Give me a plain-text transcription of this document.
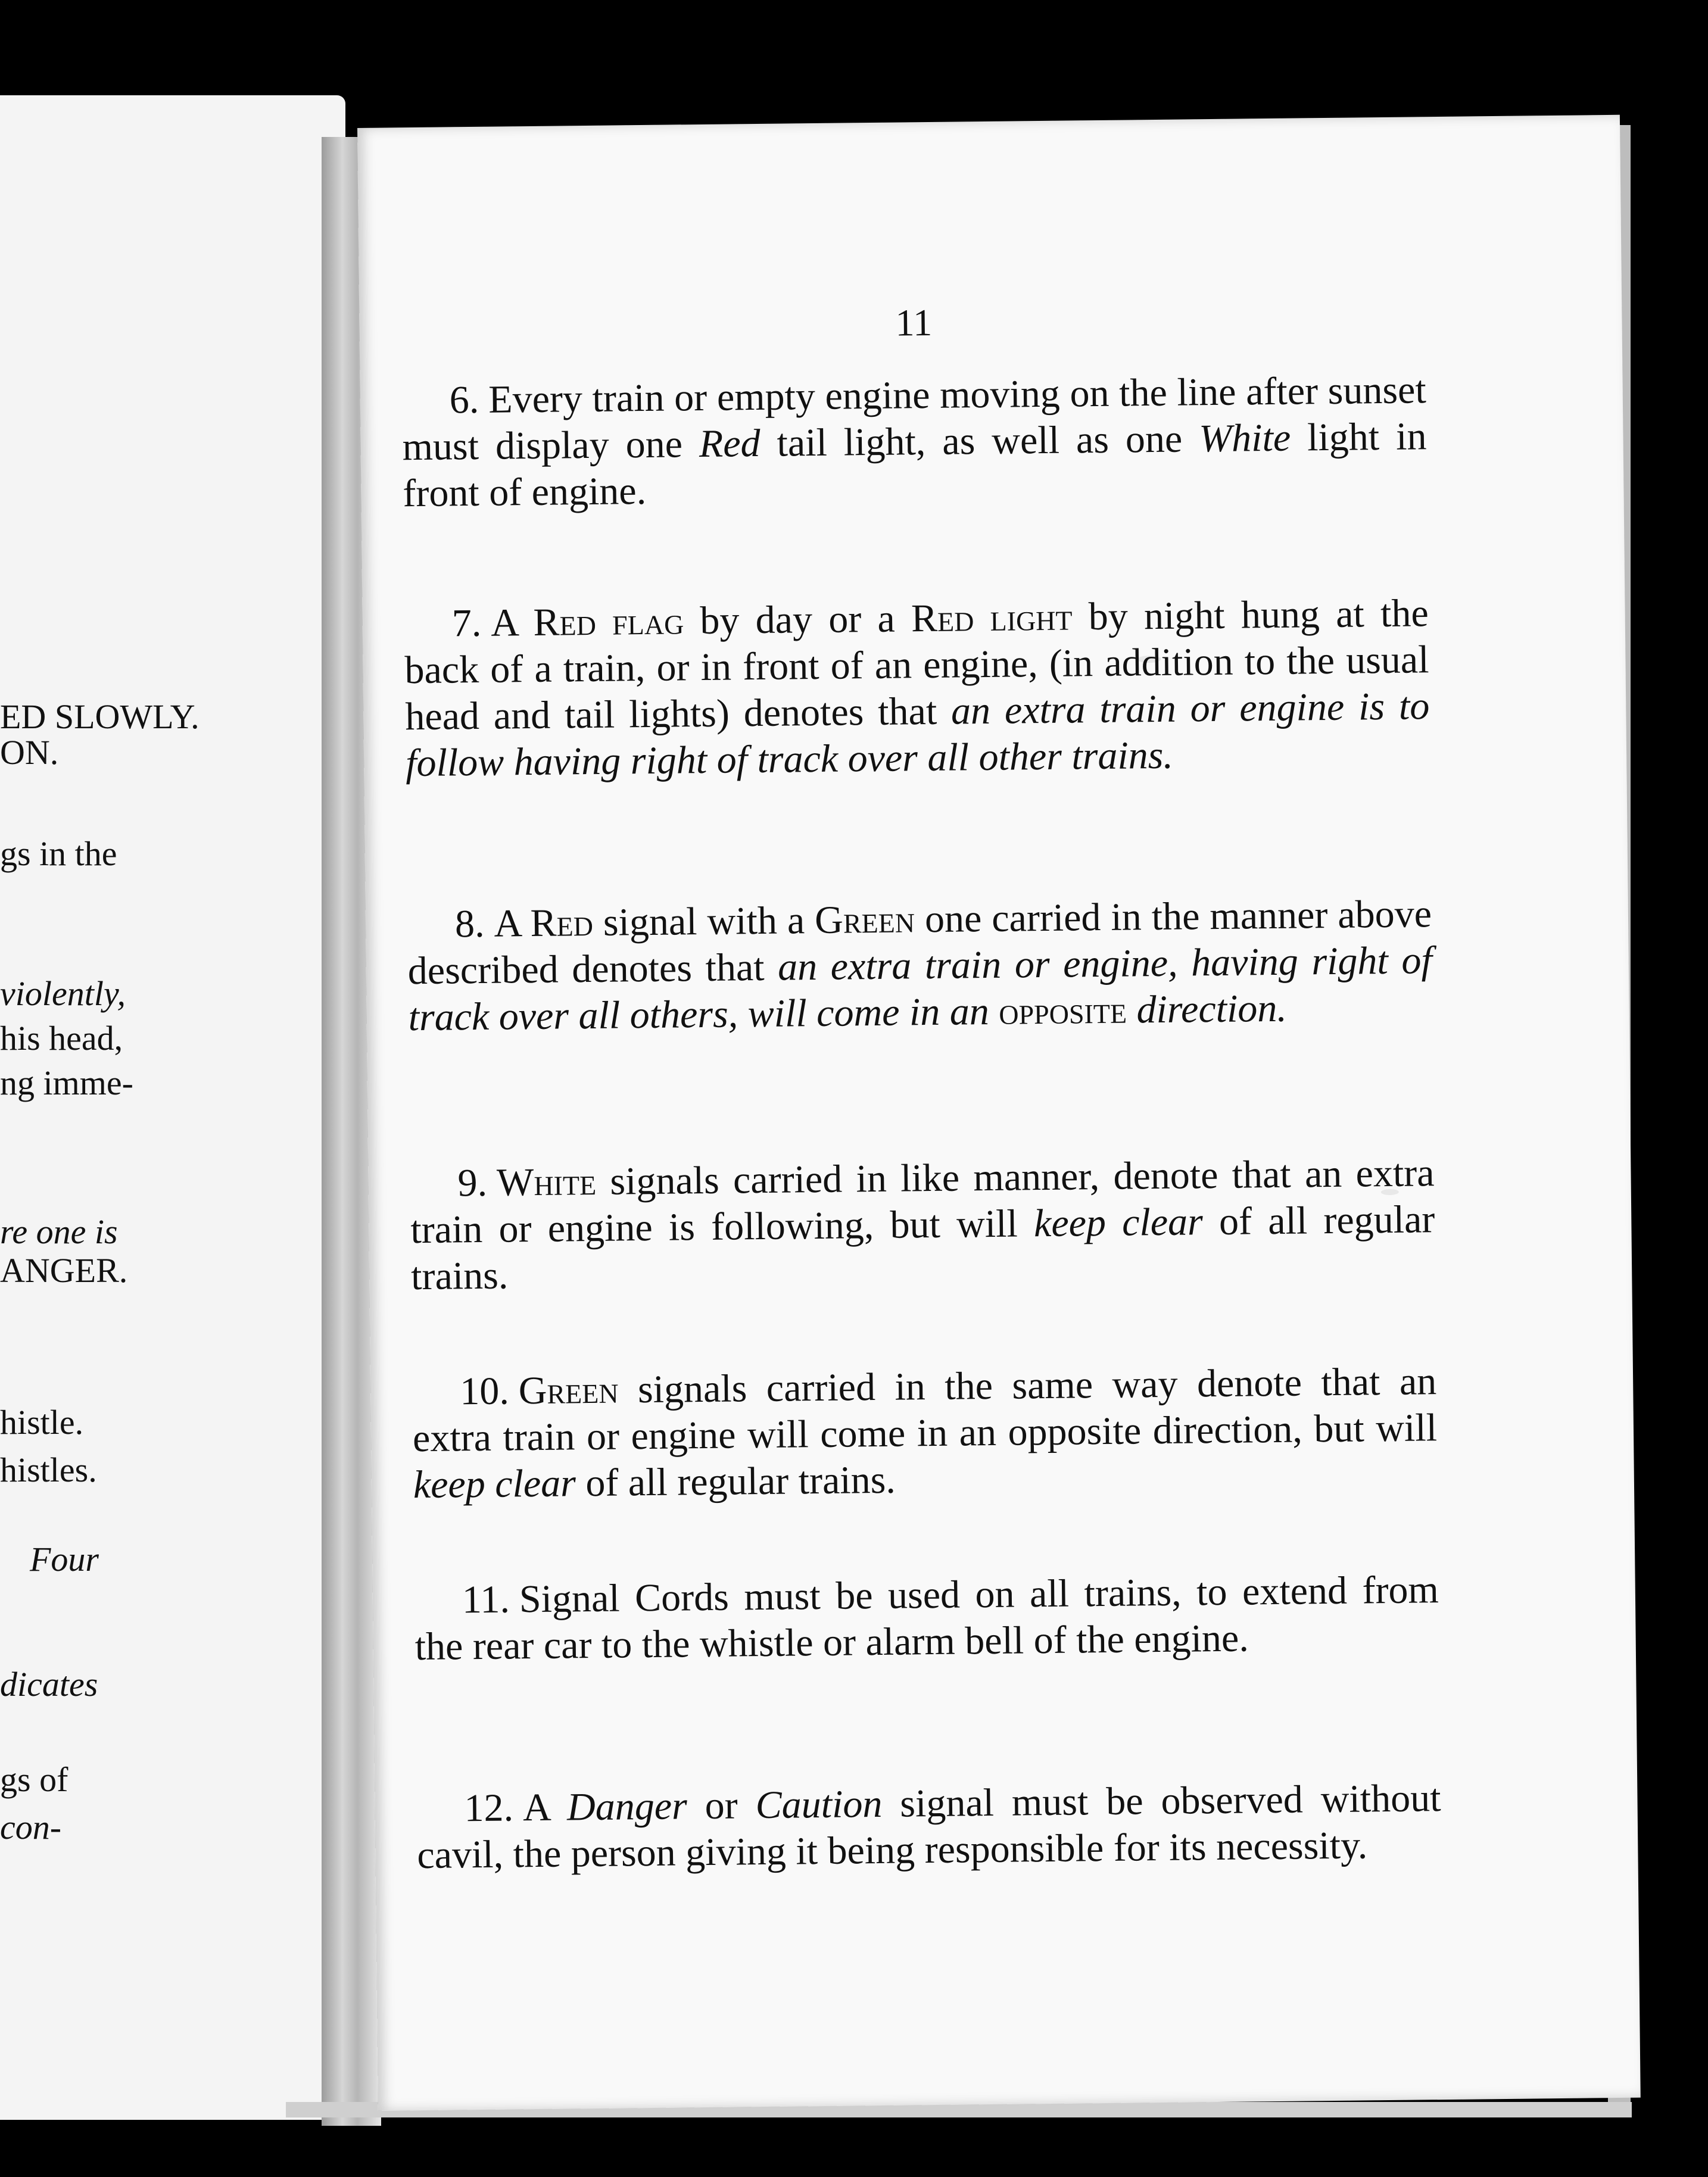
ED SLOWLY.
ON.
gs in the
violently,
his head,
ng imme-
re one is
ANGER.
histle.
histles.
Four
dicates
gs of
con-
11

6. Every train or empty engine moving on the line after sunset must display one Red tail light, as well as one White light in front of engine.

7. A Red flag by day or a Red light by night hung at the back of a train, or in front of an engine, (in addition to the usual head and tail lights) denotes that an extra train or engine is to follow having right of track over all other trains.

8. A Red signal with a Green one carried in the manner above described denotes that an extra train or engine, having right of track over all others, will come in an opposite direction.

9. White signals carried in like manner, denote that an extra train or engine is following, but will keep clear of all regular trains.

10. Green signals carried in the same way denote that an extra train or engine will come in an opposite direction, but will keep clear of all regular trains.

11. Signal Cords must be used on all trains, to extend from the rear car to the whistle or alarm bell of the engine.

12. A Danger or Caution signal must be observed without cavil, the person giving it being responsible for its necessity.
